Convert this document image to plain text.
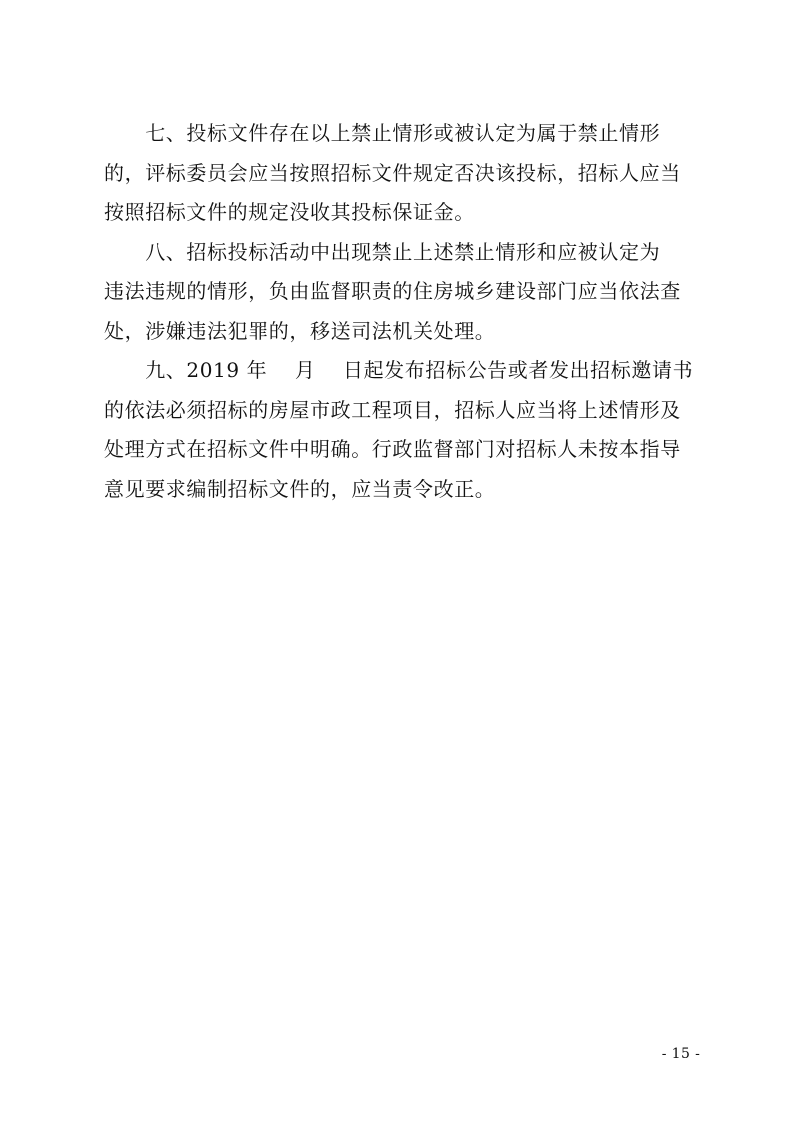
　　七、投标文件存在以上禁止情形或被认定为属于禁止情形
的，评标委员会应当按照招标文件规定否决该投标，招标人应当
按照招标文件的规定没收其投标保证金。
　　八、招标投标活动中出现禁止上述禁止情形和应被认定为
违法违规的情形，负由监督职责的住房城乡建设部门应当依法查
处，涉嫌违法犯罪的，移送司法机关处理。
　　九、2019 年　 月　 日起发布招标公告或者发出招标邀请书
的依法必须招标的房屋市政工程项目，招标人应当将上述情形及
处理方式在招标文件中明确。行政监督部门对招标人未按本指导
意见要求编制招标文件的，应当责令改正。
- 15 -
